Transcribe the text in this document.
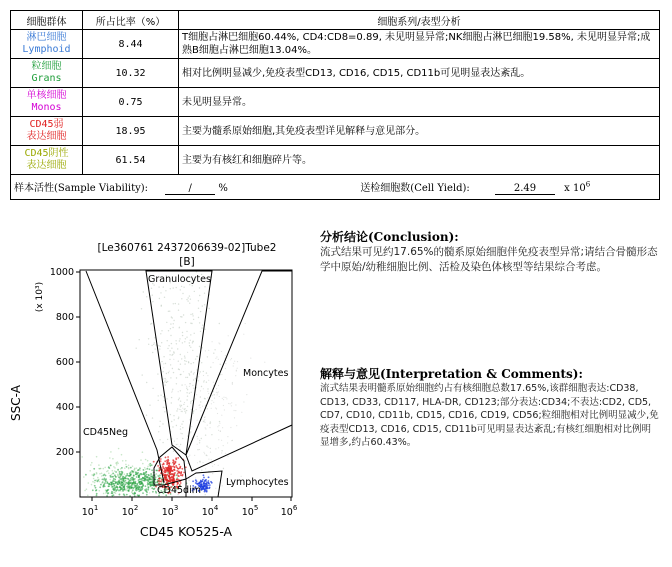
细胞群体	所占比率（%）	细胞系列/表型分析

淋巴细胞
Lymphoid	8.44	T细胞占淋巴细胞60.44%, CD4:CD8=0.89, 未见明显异常;NK细胞占淋巴细胞19.58%, 未见明显异常;成熟B细胞占淋巴细胞13.04%。

粒细胞
Grans	10.32	相对比例明显减少,免疫表型CD13, CD16, CD15, CD11b可见明显表达紊乱。

单核细胞
Monos	0.75	未见明显异常。

CD45弱
表达细胞	18.95	主要为髓系原始细胞,其免疫表型详见解释与意见部分。

CD45阴性
表达细胞	61.54	主要为有核红和细胞碎片等。
样本活性(Sample Viability): / % 送检细胞数(Cell Yield): 2.49 x $10^6$
[Le360761 2437206639-02]Tube2
[B]
SSC-A
(x 10³)
Granulocytes
Moncytes
CD45Neg
Lymphocytes
CD45dim
1000
800
600
400
200
$10^1$ $10^2$ $10^3$ $10^4$ $10^5$ $10^6$
CD45 KO525-A
分析结论(Conclusion):
流式结果可见约17.65%的髓系原始细胞伴免疫表型异常;请结合骨髓形态学中原始/幼稚细胞比例、活检及染色体核型等结果综合考虑。
解释与意见(Interpretation & Comments):
流式结果表明髓系原始细胞约占有核细胞总数17.65%,该群细胞表达:CD38, CD13, CD33, CD117, HLA-DR, CD123;部分表达:CD34;不表达:CD2, CD5, CD7, CD10, CD11b, CD15, CD16, CD19, CD56;粒细胞相对比例明显减少,免疫表型CD13, CD16, CD15, CD11b可见明显表达紊乱;有核红细胞相对比例明显增多,约占60.43%。
